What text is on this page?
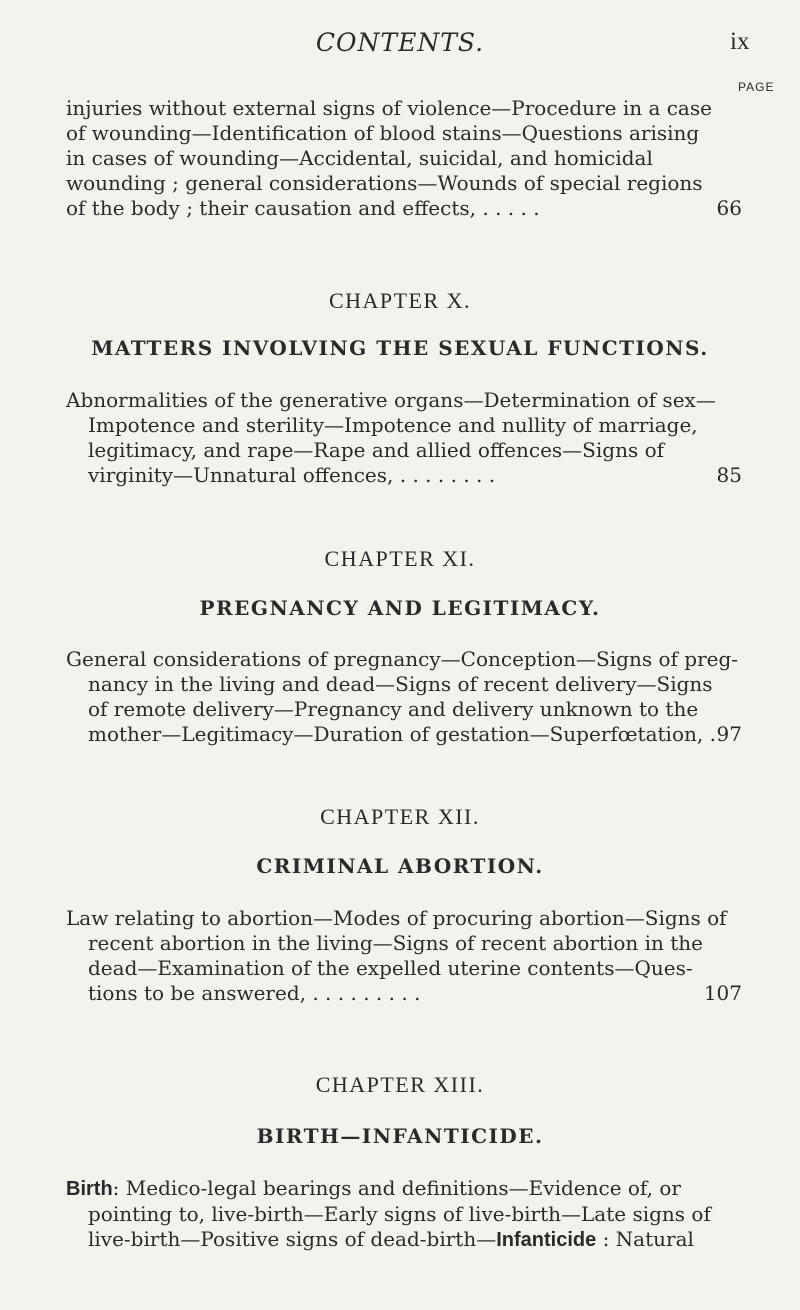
CONTENTS.	ix
PAGE
injuries without external signs of violence—Procedure in a case
of wounding—Identification of blood stains—Questions arising
in cases of wounding—Accidental, suicidal, and homicidal
wounding ; general considerations—Wounds of special regions
of the body ; their causation and effects, . . . . .	66
CHAPTER X.
MATTERS INVOLVING THE SEXUAL FUNCTIONS.
Abnormalities of the generative organs—Determination of sex—
Impotence and sterility—Impotence and nullity of marriage,
legitimacy, and rape—Rape and allied offences—Signs of
virginity—Unnatural offences, . . . . . . . .	85
CHAPTER XI.
PREGNANCY AND LEGITIMACY.
General considerations of pregnancy—Conception—Signs of preg-
nancy in the living and dead—Signs of recent delivery—Signs
of remote delivery—Pregnancy and delivery unknown to the
mother—Legitimacy—Duration of gestation—Superfœtation, . 97
CHAPTER XII.
CRIMINAL ABORTION.
Law relating to abortion—Modes of procuring abortion—Signs of
recent abortion in the living—Signs of recent abortion in the
dead—Examination of the expelled uterine contents—Ques-
tions to be answered, . . . . . . . . .	107
CHAPTER XIII.
BIRTH—INFANTICIDE.
Birth: Medico-legal bearings and definitions—Evidence of, or
pointing to, live-birth—Early signs of live-birth—Late signs of
live-birth—Positive signs of dead-birth—Infanticide : Natural
